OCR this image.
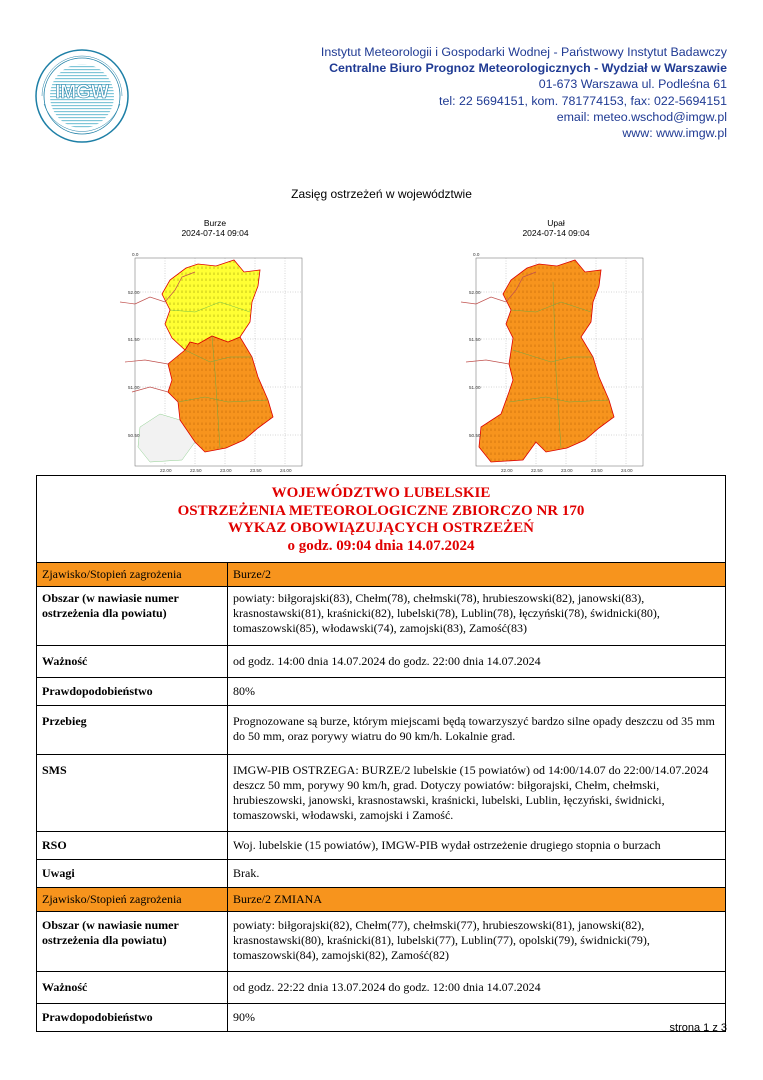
IMGW
Instytut Meteorologii i Gospodarki Wodnej - Państwowy Instytut Badawczy
Centralne Biuro Prognoz Meteorologicznych - Wydział w Warszawie
01-673 Warszawa ul. Podleśna 61
tel: 22 5694151, kom. 781774153, fax: 022-5694151
email: meteo.wschod@imgw.pl
www: www.imgw.pl
Zasięg ostrzeżeń w województwie
Burze
2024-07-14 09:04
52.00
51.50
51.00
50.50
0.0
22.00	22.50	23.00	23.50	24.00
Upał
2024-07-14 09:04
52.00
51.50
51.00
50.50
0.0
22.00	22.50	23.00	23.50	24.00
WOJEWÓDZTWO LUBELSKIE
OSTRZEŻENIA METEOROLOGICZNE ZBIORCZO NR 170
WYKAZ OBOWIĄZUJĄCYCH OSTRZEŻEŃ
o godz. 09:04 dnia 14.07.2024
Zjawisko/Stopień zagrożenia	Burze/2
Obszar (w nawiasie numer ostrzeżenia dla powiatu)	powiaty: biłgorajski(83), Chełm(78), chełmski(78), hrubieszowski(82), janowski(83), krasnostawski(81), kraśnicki(82), lubelski(78), Lublin(78), łęczyński(78), świdnicki(80), tomaszowski(85), włodawski(74), zamojski(83), Zamość(83)
Ważność	od godz. 14:00 dnia 14.07.2024 do godz. 22:00 dnia 14.07.2024
Prawdopodobieństwo	80%
Przebieg	Prognozowane są burze, którym miejscami będą towarzyszyć bardzo silne opady deszczu od 35 mm do 50 mm, oraz porywy wiatru do 90 km/h. Lokalnie grad.
SMS	IMGW-PIB OSTRZEGA: BURZE/2 lubelskie (15 powiatów) od 14:00/14.07 do 22:00/14.07.2024 deszcz 50 mm, porywy 90 km/h, grad. Dotyczy powiatów: biłgorajski, Chełm, chełmski, hrubieszowski, janowski, krasnostawski, kraśnicki, lubelski, Lublin, łęczyński, świdnicki, tomaszowski, włodawski, zamojski i Zamość.
RSO	Woj. lubelskie (15 powiatów), IMGW-PIB wydał ostrzeżenie drugiego stopnia o burzach
Uwagi	Brak.
Zjawisko/Stopień zagrożenia	Burze/2 ZMIANA
Obszar (w nawiasie numer ostrzeżenia dla powiatu)	powiaty: biłgorajski(82), Chełm(77), chełmski(77), hrubieszowski(81), janowski(82), krasnostawski(80), kraśnicki(81), lubelski(77), Lublin(77), opolski(79), świdnicki(79), tomaszowski(84), zamojski(82), Zamość(82)
Ważność	od godz. 22:22 dnia 13.07.2024 do godz. 12:00 dnia 14.07.2024
Prawdopodobieństwo	90%
strona 1 z 3
